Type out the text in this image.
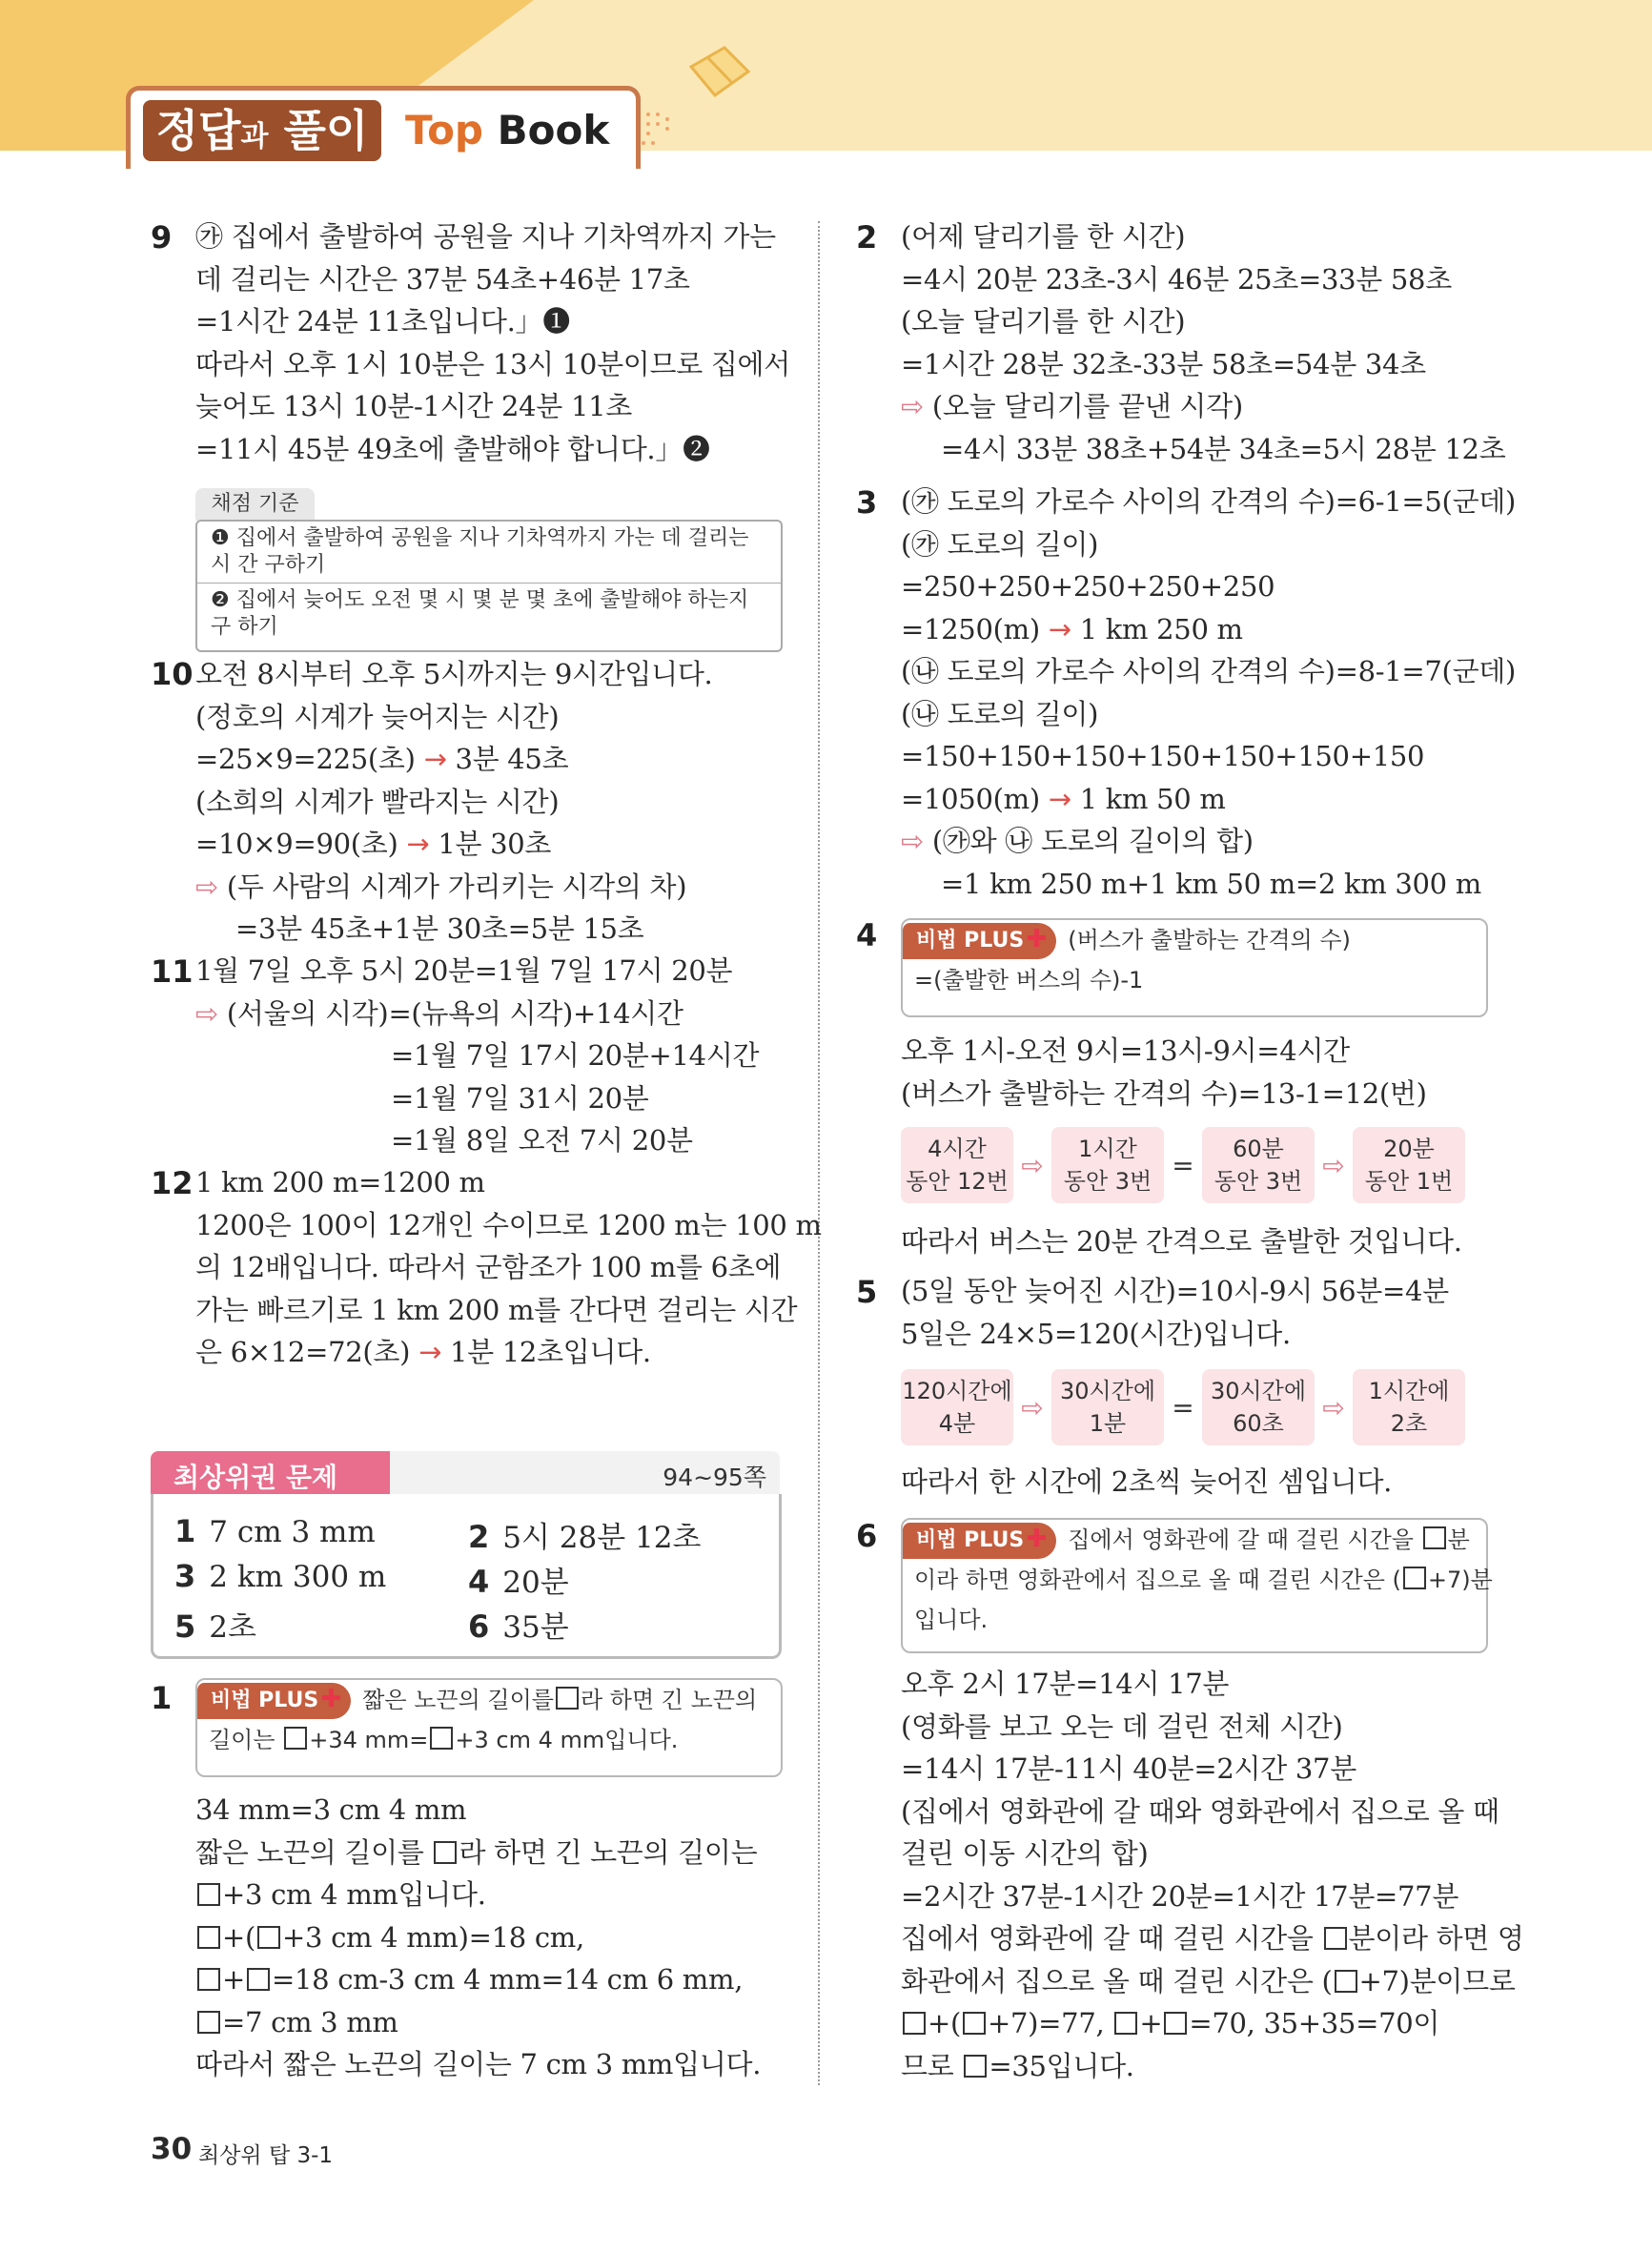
정답과 풀이 Top Book
9 ㉮ 집에서 출발하여 공원을 지나 기차역까지 가는
데 걸리는 시간은 37분 54초+46분 17초
=1시간 24분 11초입니다.」❶
따라서 오후 1시 10분은 13시 10분이므로 집에서
늦어도 13시 10분-1시간 24분 11초
=11시 45분 49초에 출발해야 합니다.」❷
채점 기준
❶ 집에서 출발하여 공원을 지나 기차역까지 가는 데 걸리는 시 간 구하기
❷ 집에서 늦어도 오전 몇 시 몇 분 몇 초에 출발해야 하는지 구 하기
10 오전 8시부터 오후 5시까지는 9시간입니다.
(정호의 시계가 늦어지는 시간)
=25×9=225(초) → 3분 45초
(소희의 시계가 빨라지는 시간)
=10×9=90(초) → 1분 30초
⇨ (두 사람의 시계가 가리키는 시각의 차)
=3분 45초+1분 30초=5분 15초
11 1월 7일 오후 5시 20분=1월 7일 17시 20분
⇨ (서울의 시각)=(뉴욕의 시각)+14시간
=1월 7일 17시 20분+14시간
=1월 7일 31시 20분
=1월 8일 오전 7시 20분
12 1 km 200 m=1200 m
1200은 100이 12개인 수이므로 1200 m는 100 m
의 12배입니다. 따라서 군함조가 100 m를 6초에
가는 빠르기로 1 km 200 m를 간다면 걸리는 시간
은 6×12=72(초) → 1분 12초입니다.
최상위권 문제	94~95쪽
1 7 cm 3 mm	2 5시 28분 12초
3 2 km 300 m	4 20분
5 2초	6 35분
1	비법 PLUS ✚ 짧은 노끈의 길이를 라 하면 긴 노끈의
길이는 +34 mm= +3 cm 4 mm입니다.
34 mm=3 cm 4 mm
짧은 노끈의 길이를 라 하면 긴 노끈의 길이는
+3 cm 4 mm입니다.
+( +3 cm 4 mm)=18 cm,
+ =18 cm-3 cm 4 mm=14 cm 6 mm,
=7 cm 3 mm
따라서 짧은 노끈의 길이는 7 cm 3 mm입니다.
2 (어제 달리기를 한 시간)
=4시 20분 23초-3시 46분 25초=33분 58초
(오늘 달리기를 한 시간)
=1시간 28분 32초-33분 58초=54분 34초
⇨ (오늘 달리기를 끝낸 시각)
=4시 33분 38초+54분 34초=5시 28분 12초
3 (㉮ 도로의 가로수 사이의 간격의 수)=6-1=5(군데)
(㉮ 도로의 길이)
=250+250+250+250+250
=1250(m) → 1 km 250 m
(㉯ 도로의 가로수 사이의 간격의 수)=8-1=7(군데)
(㉯ 도로의 길이)
=150+150+150+150+150+150+150
=1050(m) → 1 km 50 m
⇨ (㉮와 ㉯ 도로의 길이의 합)
=1 km 250 m+1 km 50 m=2 km 300 m
4	비법 PLUS ✚ (버스가 출발하는 간격의 수)
=(출발한 버스의 수)-1
오후 1시-오전 9시=13시-9시=4시간
(버스가 출발하는 간격의 수)=13-1=12(번)
4시간
동안 12번
⇨
1시간
동안 3번
=
60분
동안 3번
⇨
20분
동안 1번
따라서 버스는 20분 간격으로 출발한 것입니다.
5 (5일 동안 늦어진 시간)=10시-9시 56분=4분
5일은 24×5=120(시간)입니다.
120시간에
4분
⇨
30시간에
1분
=
30시간에
60초
⇨
1시간에
2초
따라서 한 시간에 2초씩 늦어진 셈입니다.
6	비법 PLUS ✚ 집에서 영화관에 갈 때 걸린 시간을 분
이라 하면 영화관에서 집으로 올 때 걸린 시간은 ( +7)분
입니다.
오후 2시 17분=14시 17분
(영화를 보고 오는 데 걸린 전체 시간)
=14시 17분-11시 40분=2시간 37분
(집에서 영화관에 갈 때와 영화관에서 집으로 올 때
걸린 이동 시간의 합)
=2시간 37분-1시간 20분=1시간 17분=77분
집에서 영화관에 갈 때 걸린 시간을 분이라 하면 영
화관에서 집으로 올 때 걸린 시간은 ( +7)분이므로
+( +7)=77, + =70, 35+35=70이
므로 =35입니다.
30 최상위 탑 3-1
